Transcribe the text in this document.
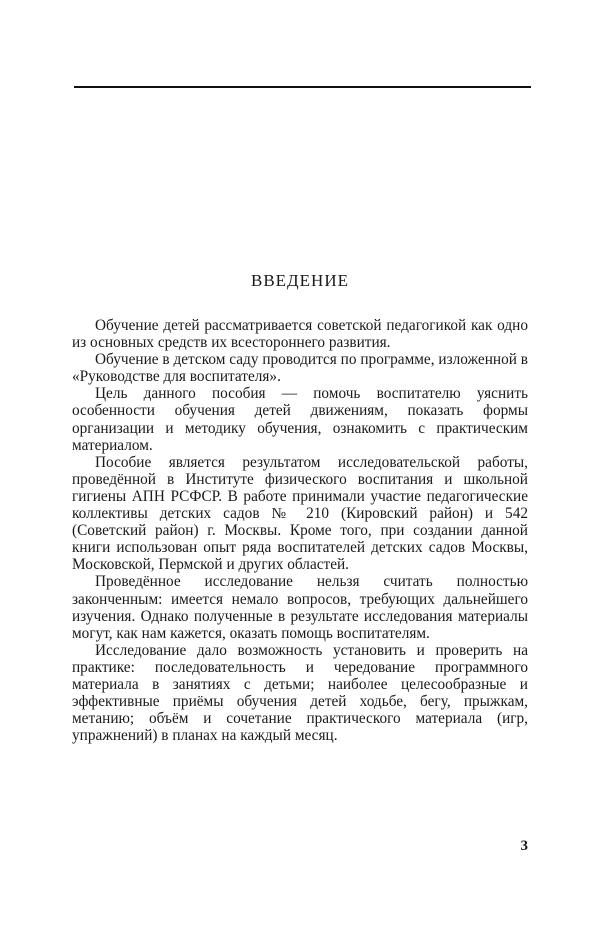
ВВЕДЕНИЕ

Обучение детей рассматривается советской педагогикой как одно из основных средств их всестороннего развития.

Обучение в детском саду проводится по программе, изложенной в «Руководстве для воспитателя».

Цель данного пособия — помочь воспитателю уяснить особенности обучения детей движениям, показать формы организации и методику обучения, ознакомить с практическим материалом.

Пособие является результатом исследовательской работы, проведённой в Институте физического воспитания и школьной гигиены АПН РСФСР. В работе принимали участие педагогические коллективы детских садов № 210 (Кировский район) и 542 (Советский район) г. Москвы. Кроме того, при создании данной книги использован опыт ряда воспитателей детских садов Москвы, Московской, Пермской и других областей.

Проведённое исследование нельзя считать полностью законченным: имеется немало вопросов, требующих дальнейшего изучения. Однако полученные в результате исследования материалы могут, как нам кажется, оказать помощь воспитателям.

Исследование дало возможность установить и проверить на практике: последовательность и чередование программного материала в занятиях с детьми; наиболее целесообразные и эффективные приёмы обучения детей ходьбе, бегу, прыжкам, метанию; объём и сочетание практического материала (игр, упражнений) в планах на каждый месяц.

3
